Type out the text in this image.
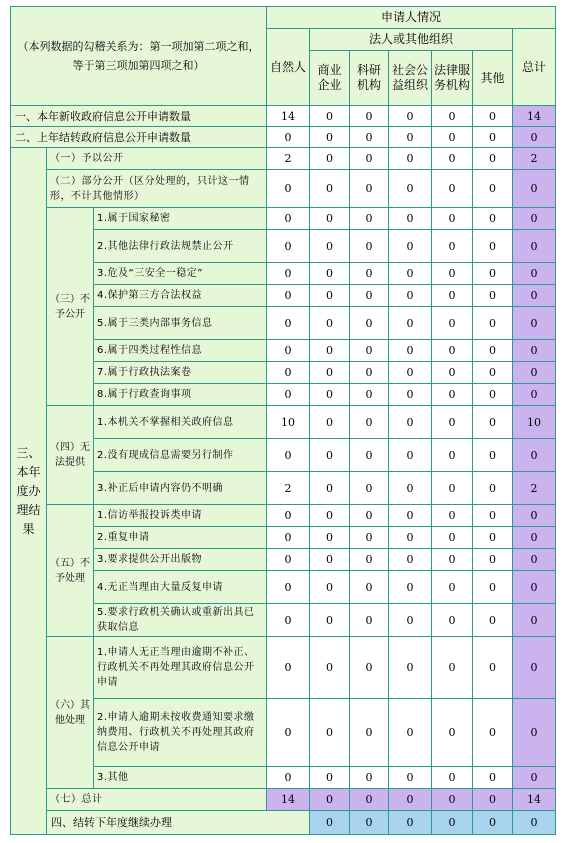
（本列数据的勾稽关系为：第一项加第二项之和，等于第三项加第四项之和）			申请人情况							
			自然人	法人或其他组织					总计	
				商业企业	科研机构	社会公益组织	法律服务机构	其他		
一、本年新收政府信息公开申请数量			14	0	0	0	0	0	14	
二、上年结转政府信息公开申请数量			0	0	0	0	0	0	0	
三、本年度办理结果	（一）予以公开		2	0	0	0	0	0	2	
	（二）部分公开（区分处理的，只计这一情形，不计其他情形）		0	0	0	0	0	0	0	
	（三）不予公开	1.属于国家秘密	0	0	0	0	0	0	0	
		2.其他法律行政法规禁止公开	0	0	0	0	0	0	0	
		3.危及“三安全一稳定”	0	0	0	0	0	0	0	
		4.保护第三方合法权益	0	0	0	0	0	0	0	
		5.属于三类内部事务信息	0	0	0	0	0	0	0	
		6.属于四类过程性信息	0	0	0	0	0	0	0	
		7.属于行政执法案卷	0	0	0	0	0	0	0	
		8.属于行政查询事项	0	0	0	0	0	0	0	
	（四）无法提供	1.本机关不掌握相关政府信息	10	0	0	0	0	0	10	
		2.没有现成信息需要另行制作	0	0	0	0	0	0	0	
		3.补正后申请内容仍不明确	2	0	0	0	0	0	2	
	（五）不予处理	1.信访举报投诉类申请	0	0	0	0	0	0	0	
		2.重复申请	0	0	0	0	0	0	0	
		3.要求提供公开出版物	0	0	0	0	0	0	0	
		4.无正当理由大量反复申请	0	0	0	0	0	0	0	
		5.要求行政机关确认或重新出具已获取信息	0	0	0	0	0	0	0	
	（六）其他处理	1.申请人无正当理由逾期不补正、行政机关不再处理其政府信息公开申请	0	0	0	0	0	0	0	
		2.申请人逾期未按收费通知要求缴纳费用、行政机关不再处理其政府信息公开申请	0	0	0	0	0	0	0	
		3.其他	0	0	0	0	0	0	0	
	（七）总计		14	0	0	0	0	0	14	
	四、结转下年度继续办理			0	0	0	0	0	0	
